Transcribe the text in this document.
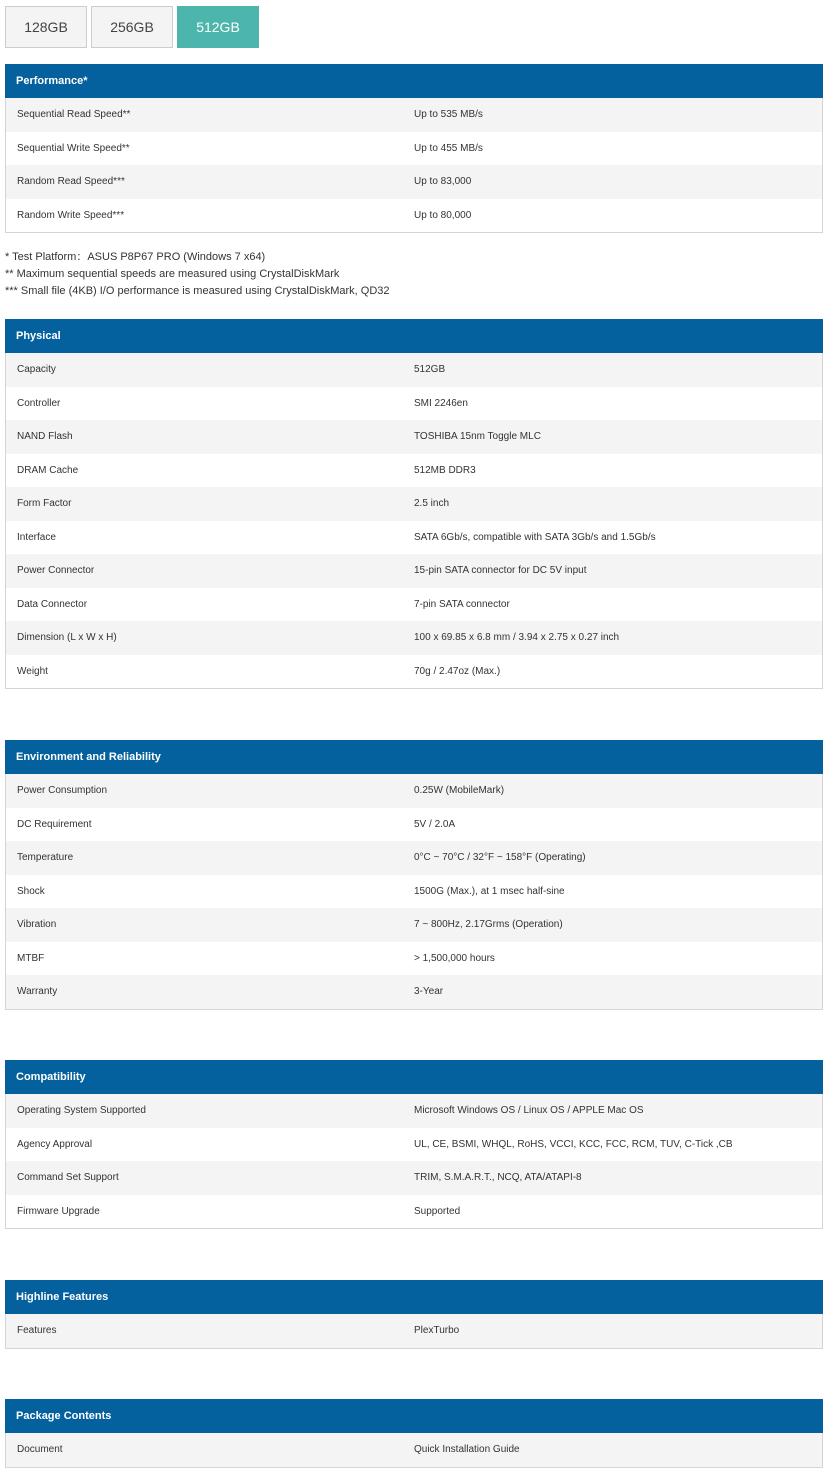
128GB	256GB	512GB
Performance*
Sequential Read Speed**	Up to 535 MB/s
Sequential Write Speed**	Up to 455 MB/s
Random Read Speed***	Up to 83,000
Random Write Speed***	Up to 80,000
* Test Platform：ASUS P8P67 PRO (Windows 7 x64)
** Maximum sequential speeds are measured using CrystalDiskMark
*** Small file (4KB) I/O performance is measured using CrystalDiskMark, QD32
Physical
Capacity	512GB
Controller	SMI 2246en
NAND Flash	TOSHIBA 15nm Toggle MLC
DRAM Cache	512MB DDR3
Form Factor	2.5 inch
Interface	SATA 6Gb/s, compatible with SATA 3Gb/s and 1.5Gb/s
Power Connector	15-pin SATA connector for DC 5V input
Data Connector	7-pin SATA connector
Dimension (L x W x H)	100 x 69.85 x 6.8 mm / 3.94 x 2.75 x 0.27 inch
Weight	70g / 2.47oz (Max.)
Environment and Reliability
Power Consumption	0.25W (MobileMark)
DC Requirement	5V / 2.0A
Temperature	0°C ~ 70°C / 32°F ~ 158°F (Operating)
Shock	1500G (Max.), at 1 msec half-sine
Vibration	7 ~ 800Hz, 2.17Grms (Operation)
MTBF	> 1,500,000 hours
Warranty	3-Year
Compatibility
Operating System Supported	Microsoft Windows OS / Linux OS / APPLE Mac OS
Agency Approval	UL, CE, BSMI, WHQL, RoHS, VCCI, KCC, FCC, RCM, TUV, C-Tick ,CB
Command Set Support	TRIM, S.M.A.R.T., NCQ, ATA/ATAPI-8
Firmware Upgrade	Supported
Highline Features
Features	PlexTurbo
Package Contents
Document	Quick Installation Guide
